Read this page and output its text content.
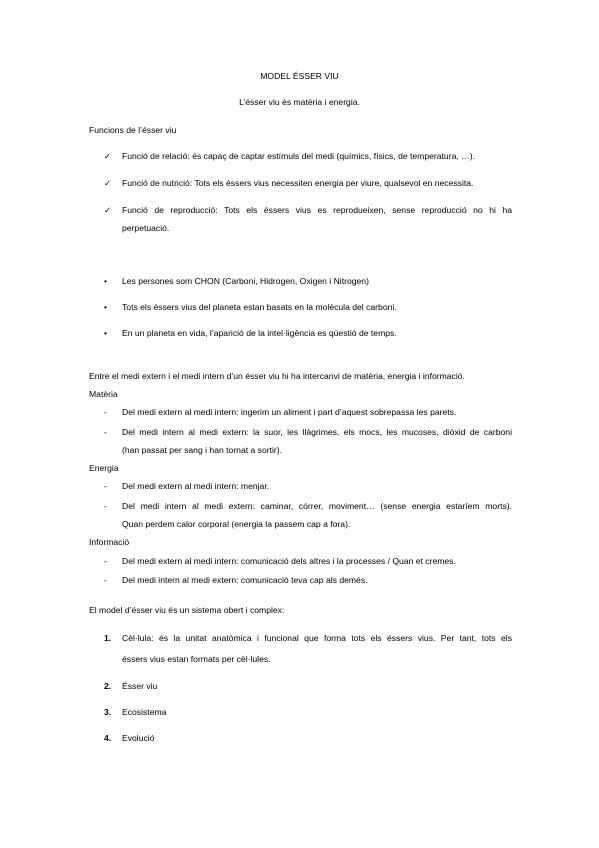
MODEL ÉSSER VIU
L’ésser viu és matèria i energia.
Funcions de l’ésser viu
✓ Funció de relació: és capaç de captar estímuls del medi (químics, físics, de temperatura, …).
✓ Funció de nutrició: Tots els éssers vius necessiten energia per viure, qualsevol en necessita.
✓ Funció de reproducció: Tots els éssers vius es reprodueixen, sense reproducció no hi ha
perpetuació.
• Les persones som CHON (Carboni, Hidrogen, Oxigen i Nitrogen)
• Tots els éssers vius del planeta estan basats en la molècula del carboni.
• En un planeta en vida, l’aparició de la intel·ligència es qüestió de temps.
Entre el medi extern i el medi intern d’un ésser viu hi ha intercanvi de matèria, energia i informació.
Matèria
- Del medi extern al medi intern: ingerim un aliment i part d’aquest sobrepassa les parets.
- Del medi intern al medi extern: la suor, les llàgrimes, els mocs, les mucoses, diòxid de carboni
(han passat per sang i han tornat a sortir).
Energia
- Del medi extern al medi intern: menjar.
- Del medi intern al medi extern: caminar, córrer, moviment… (sense energia estaríem morts).
Quan perdem calor corporal (energia la passem cap a fora).
Informació
- Del medi extern al medi intern: comunicació dels altres i la processes / Quan et cremes.
- Del medi intern al medi extern: comunicació teva cap als demés.
El model d’ésser viu és un sistema obert i complex:
1. Cèl·lula: és la unitat anatòmica i funcional que forma tots els éssers vius. Per tant, tots els
éssers vius estan formats per cèl·lules.
2. Ésser viu
3. Ecosistema
4. Evolució
